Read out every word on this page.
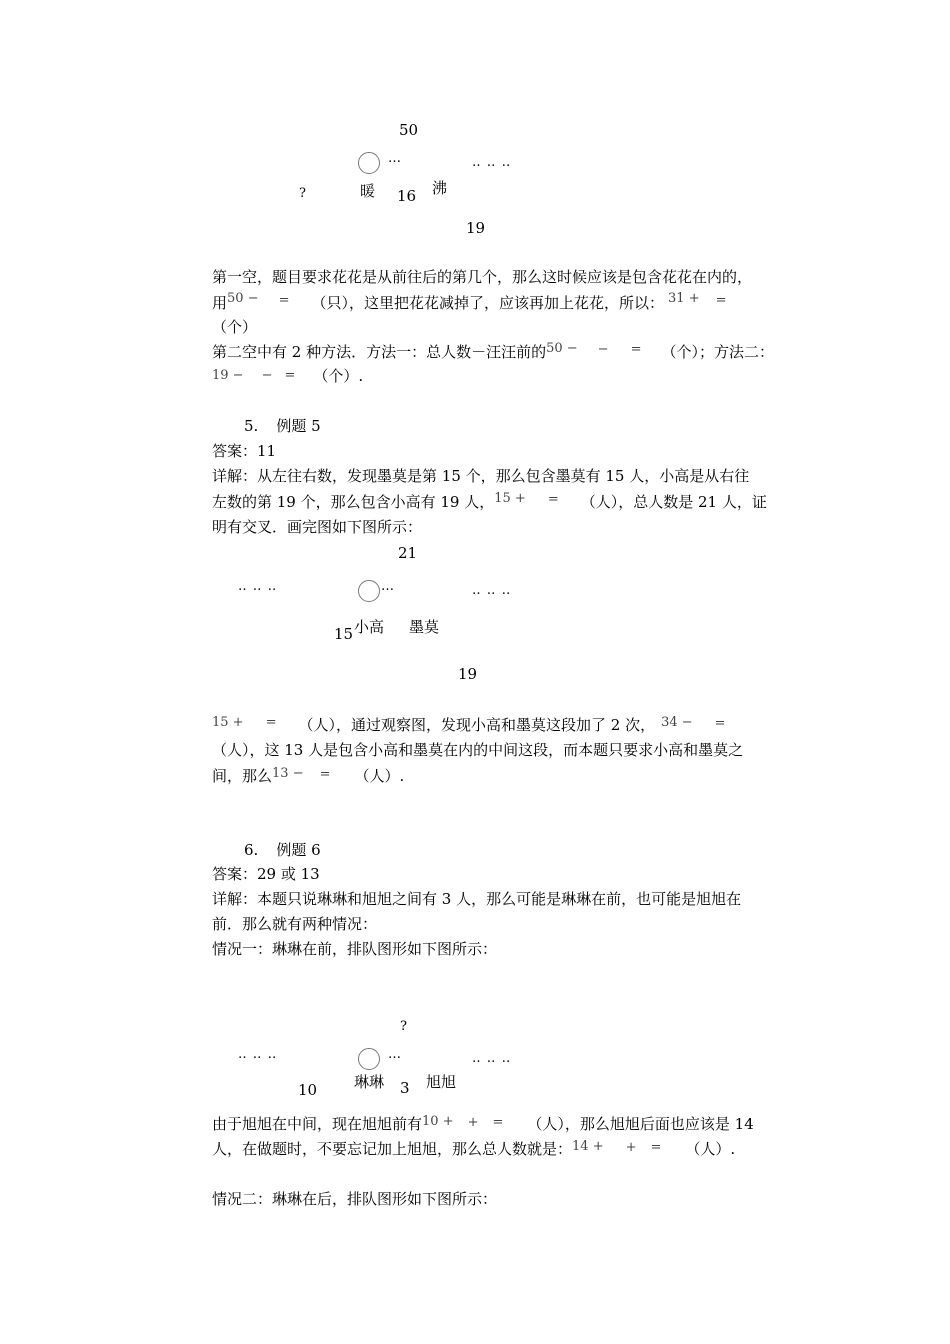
50
…	‥ ‥ ‥
?	暖 16 沸
19
第一空，题目要求花花是从前往后的第几个，那么这时候应该是包含花花在内的，
用50 − = （只），这里把花花减掉了，应该再加上花花，所以： 31 + =
（个）
第二空中有 2 种方法．方法一：总人数－汪汪前的50 − − = （个）；方法二：
19 − − = （个）.
5. 例题 5
答案：11
详解：从左往右数，发现墨莫是第 15 个，那么包含墨莫有 15 人，小高是从右往
左数的第 19 个，那么包含小高有 19 人，15 + = （人），总人数是 21 人，证
明有交叉．画完图如下图所示：
21
‥ ‥ ‥	…	‥ ‥ ‥
15 小高 墨莫
19
15 + = （人），通过观察图，发现小高和墨莫这段加了 2 次， 34 − =
（人），这 13 人是包含小高和墨莫在内的中间这段，而本题只要求小高和墨莫之
间，那么13 − = （人）.
6. 例题 6
答案：29 或 13
详解：本题只说琳琳和旭旭之间有 3 人，那么可能是琳琳在前，也可能是旭旭在
前．那么就有两种情况：
情况一：琳琳在前，排队图形如下图所示：
?
‥ ‥ ‥	…	‥ ‥ ‥
10 琳琳 3 旭旭
由于旭旭在中间，现在旭旭前有10 + + = （人），那么旭旭后面也应该是 14
人，在做题时，不要忘记加上旭旭，那么总人数就是：14 + + = （人）.
情况二：琳琳在后，排队图形如下图所示：
